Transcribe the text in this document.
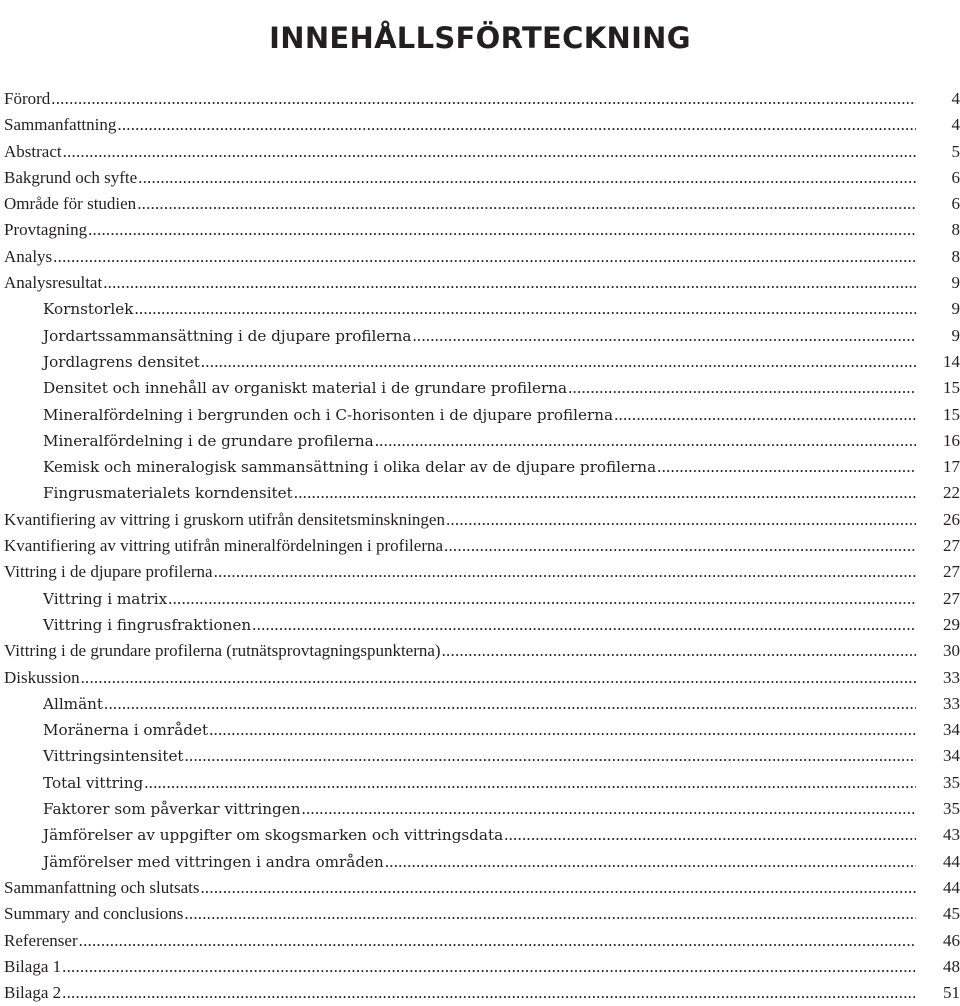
INNEHÅLLSFÖRTECKNING
Förord .....	4
Sammanfattning .....	4
Abstract .....	5
Bakgrund och syfte .....	6
Område för studien .....	6
Provtagning .....	8
Analys .....	8
Analysresultat .....	9
Kornstorlek .....	9
Jordartssammansättning i de djupare profilerna .....	9
Jordlagrens densitet .....	14
Densitet och innehåll av organiskt material i de grundare profilerna .....	15
Mineralfördelning i bergrunden och i C-horisonten i de djupare profilerna .....	15
Mineralfördelning i de grundare profilerna .....	16
Kemisk och mineralogisk sammansättning i olika delar av de djupare profilerna .....	17
Fingrusmaterialets korndensitet .....	22
Kvantifiering av vittring i gruskorn utifrån densitetsminskningen .....	26
Kvantifiering av vittring utifrån mineralfördelningen i profilerna .....	27
Vittring i de djupare profilerna .....	27
Vittring i matrix .....	27
Vittring i fingrusfraktionen .....	29
Vittring i de grundare profilerna (rutnätsprovtagningspunkterna) .....	30
Diskussion .....	33
Allmänt .....	33
Moränerna i området .....	34
Vittringsintensitet .....	34
Total vittring .....	35
Faktorer som påverkar vittringen .....	35
Jämförelser av uppgifter om skogsmarken och vittringsdata .....	43
Jämförelser med vittringen i andra områden .....	44
Sammanfattning och slutsats .....	44
Summary and conclusions .....	45
Referenser .....	46
Bilaga 1 .....	48
Bilaga 2 .....	51
